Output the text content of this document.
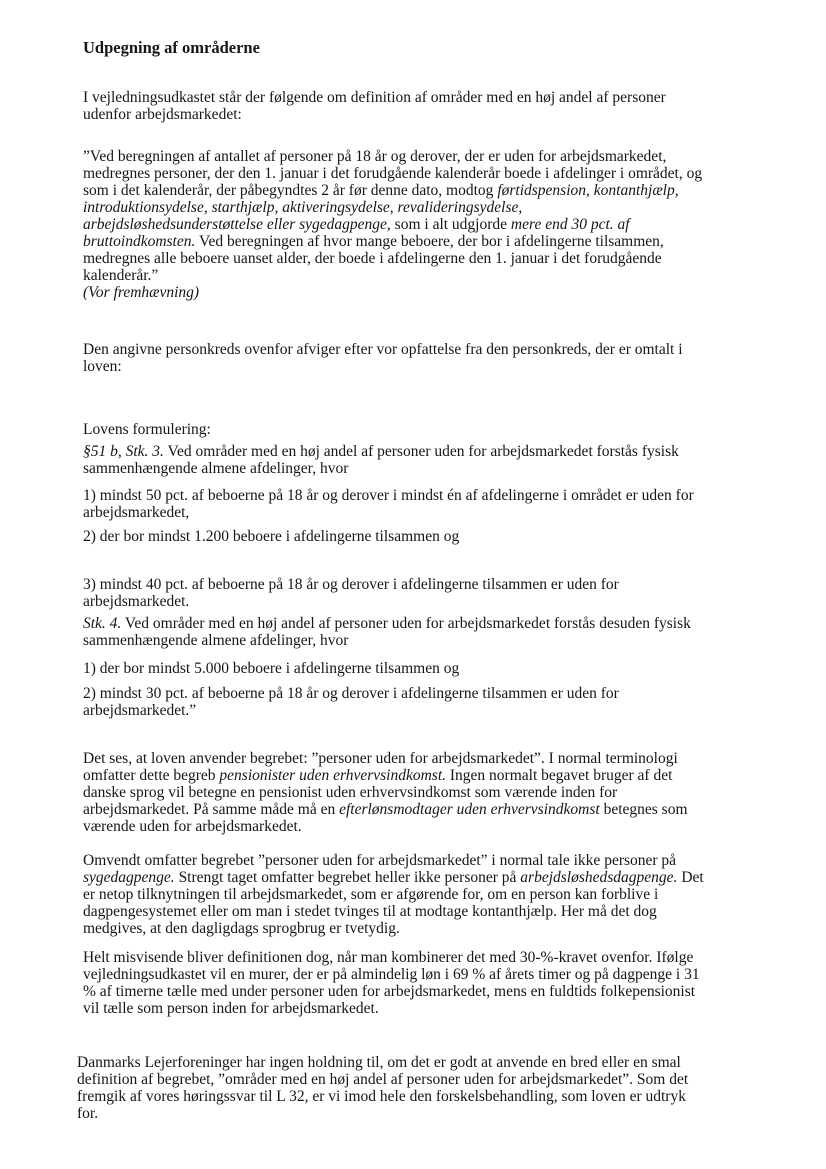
Udpegning af områderne

I vejledningsudkastet står der følgende om definition af områder med en høj andel af personer
udenfor arbejdsmarkedet:

”Ved beregningen af antallet af personer på 18 år og derover, der er uden for arbejdsmarkedet,
medregnes personer, der den 1. januar i det forudgående kalenderår boede i afdelinger i området, og
som i det kalenderår, der påbegyndtes 2 år før denne dato, modtog førtidspension, kontanthjælp,
introduktionsydelse, starthjælp, aktiveringsydelse, revalideringsydelse,
arbejdsløshedsunderstøttelse eller sygedagpenge, som i alt udgjorde mere end 30 pct. af
bruttoindkomsten. Ved beregningen af hvor mange beboere, der bor i afdelingerne tilsammen,
medregnes alle beboere uanset alder, der boede i afdelingerne den 1. januar i det forudgående
kalenderår.”
(Vor fremhævning)

Den angivne personkreds ovenfor afviger efter vor opfattelse fra den personkreds, der er omtalt i
loven:

Lovens formulering:

§51 b, Stk. 3. Ved områder med en høj andel af personer uden for arbejdsmarkedet forstås fysisk
sammenhængende almene afdelinger, hvor

1) mindst 50 pct. af beboerne på 18 år og derover i mindst én af afdelingerne i området er uden for
arbejdsmarkedet,

2) der bor mindst 1.200 beboere i afdelingerne tilsammen og

3) mindst 40 pct. af beboerne på 18 år og derover i afdelingerne tilsammen er uden for
arbejdsmarkedet.

Stk. 4. Ved områder med en høj andel af personer uden for arbejdsmarkedet forstås desuden fysisk
sammenhængende almene afdelinger, hvor

1) der bor mindst 5.000 beboere i afdelingerne tilsammen og

2) mindst 30 pct. af beboerne på 18 år og derover i afdelingerne tilsammen er uden for
arbejdsmarkedet.”

Det ses, at loven anvender begrebet: ”personer uden for arbejdsmarkedet”. I normal terminologi
omfatter dette begreb pensionister uden erhvervsindkomst. Ingen normalt begavet bruger af det
danske sprog vil betegne en pensionist uden erhvervsindkomst som værende inden for
arbejdsmarkedet. På samme måde må en efterlønsmodtager uden erhvervsindkomst betegnes som
værende uden for arbejdsmarkedet.

Omvendt omfatter begrebet ”personer uden for arbejdsmarkedet” i normal tale ikke personer på
sygedagpenge. Strengt taget omfatter begrebet heller ikke personer på arbejdsløshedsdagpenge. Det
er netop tilknytningen til arbejdsmarkedet, som er afgørende for, om en person kan forblive i
dagpengesystemet eller om man i stedet tvinges til at modtage kontanthjælp. Her må det dog
medgives, at den dagligdags sprogbrug er tvetydig.

Helt misvisende bliver definitionen dog, når man kombinerer det med 30-%-kravet ovenfor. Ifølge
vejledningsudkastet vil en murer, der er på almindelig løn i 69 % af årets timer og på dagpenge i 31
% af timerne tælle med under personer uden for arbejdsmarkedet, mens en fuldtids folkepensionist
vil tælle som person inden for arbejdsmarkedet.

Danmarks Lejerforeninger har ingen holdning til, om det er godt at anvende en bred eller en smal
definition af begrebet, ”områder med en høj andel af personer uden for arbejdsmarkedet”. Som det
fremgik af vores høringssvar til L 32, er vi imod hele den forskelsbehandling, som loven er udtryk
for.
